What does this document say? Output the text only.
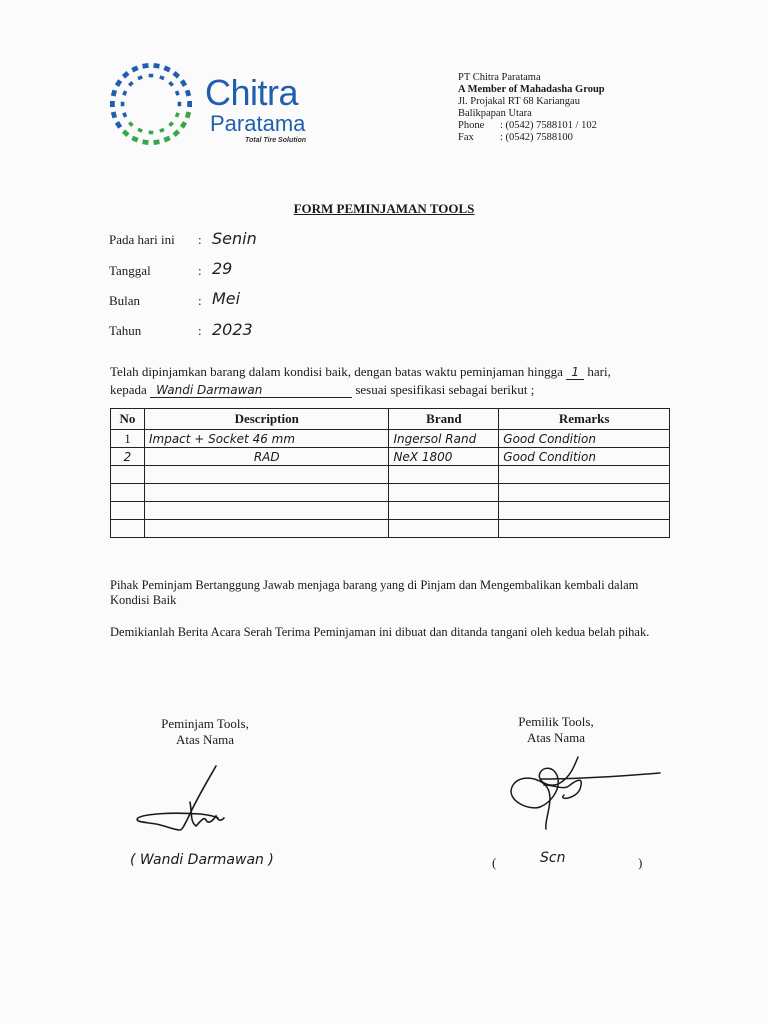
Chitra
Paratama
Total Tire Solution
PT Chitra Paratama
A Member of Mahadasha Group
Jl. Projakal RT 68 Kariangau
Balikpapan Utara
Phone : (0542) 7588101 / 102
Fax	: (0542) 7588100
FORM PEMINJAMAN TOOLS
Pada hari ini : Senin
Tanggal	: 29
Bulan	: Mei
Tahun	: 2023
Telah dipinjamkan barang dalam kondisi baik, dengan batas waktu peminjaman hingga 1 hari,
kepada Wandi Darmawan	sesuai spesifikasi sebagai berikut ;
No	Description	Brand	Remarks
1	Impact + Socket 46 mm	Ingersol Rand	Good Condition
2	RAD	NeX 1800	Good Condition

Pihak Peminjam Bertanggung Jawab menjaga barang yang di Pinjam dan Mengembalikan kembali dalam Kondisi Baik
Demikianlah Berita Acara Serah Terima Peminjaman ini dibuat dan ditanda tangani oleh kedua belah pihak.
Peminjam Tools,
Atas Nama
Pemilik Tools,
Atas Nama
( Wandi Darmawan )	(	Scn	)
